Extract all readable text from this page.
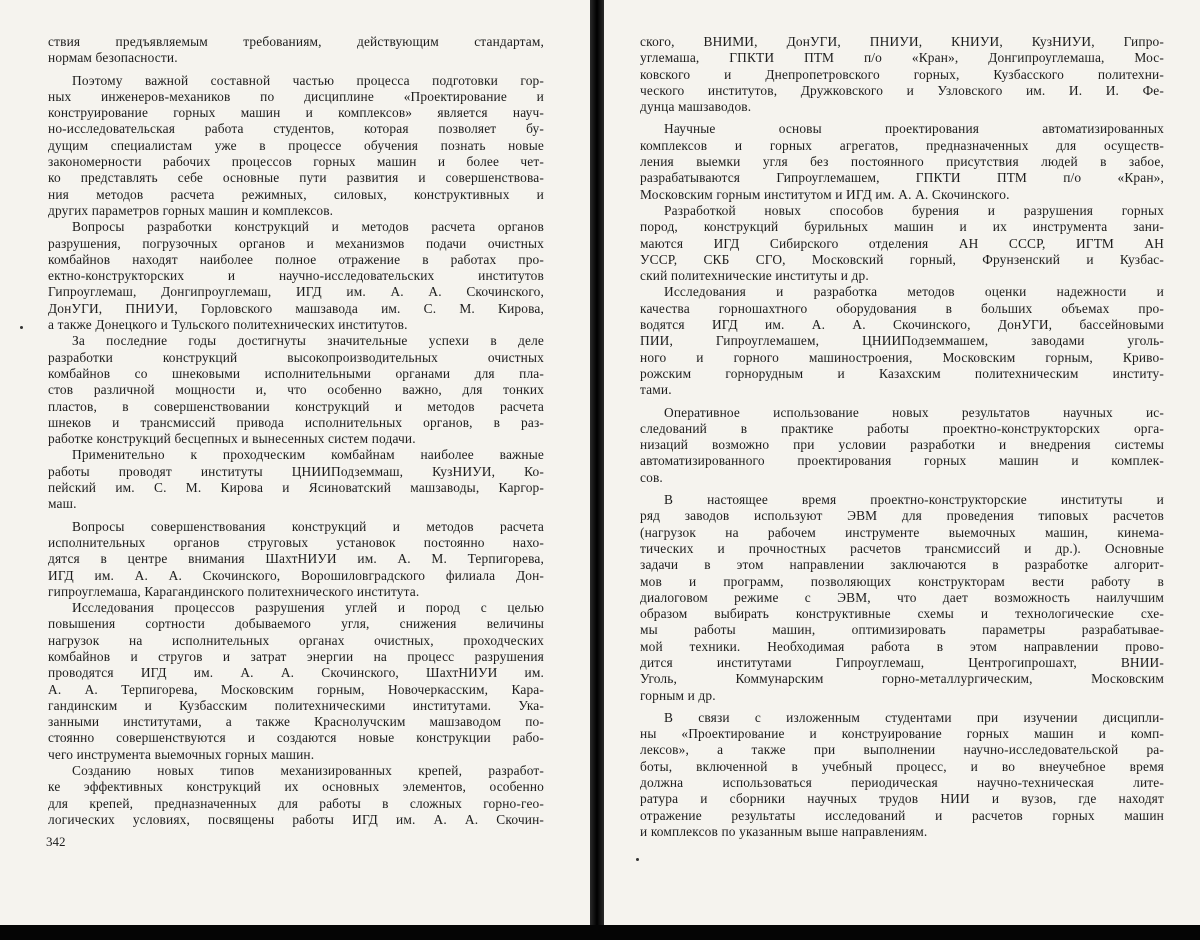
ствия предъявляемым требованиям, действующим стандартам,
нормам безопасности.
Поэтому важной составной частью процесса подготовки гор-
ных инженеров-механиков по дисциплине «Проектирование и
конструирование горных машин и комплексов» является науч-
но-исследовательская работа студентов, которая позволяет бу-
дущим специалистам уже в процессе обучения познать новые
закономерности рабочих процессов горных машин и более чет-
ко представлять себе основные пути развития и совершенствова-
ния методов расчета режимных, силовых, конструктивных и
других параметров горных машин и комплексов.
Вопросы разработки конструкций и методов расчета органов
разрушения, погрузочных органов и механизмов подачи очистных
комбайнов находят наиболее полное отражение в работах про-
ектно-конструкторских и научно-исследовательских институтов
Гипроуглемаш, Донгипроуглемаш, ИГД им. А. А. Скочинского,
ДонУГИ, ПНИУИ, Горловского машзавода им. С. М. Кирова,
а также Донецкого и Тульского политехнических институтов.
За последние годы достигнуты значительные успехи в деле
разработки конструкций высокопроизводительных очистных
комбайнов со шнековыми исполнительными органами для пла-
стов различной мощности и, что особенно важно, для тонких
пластов, в совершенствовании конструкций и методов расчета
шнеков и трансмиссий привода исполнительных органов, в раз-
работке конструкций бесцепных и вынесенных систем подачи.
Применительно к проходческим комбайнам наиболее важные
работы проводят институты ЦНИИПодземмаш, КузНИУИ, Ко-
пейский им. С. М. Кирова и Ясиноватский машзаводы, Каргор-
маш.
Вопросы совершенствования конструкций и методов расчета
исполнительных органов струговых установок постоянно нахо-
дятся в центре внимания ШахтНИУИ им. А. М. Терпигорева,
ИГД им. А. А. Скочинского, Ворошиловградского филиала Дон-
гипроуглемаша, Карагандинского политехнического института.
Исследования процессов разрушения углей и пород с целью
повышения сортности добываемого угля, снижения величины
нагрузок на исполнительных органах очистных, проходческих
комбайнов и стругов и затрат энергии на процесс разрушения
проводятся ИГД им. А. А. Скочинского, ШахтНИУИ им.
А. А. Терпигорева, Московским горным, Новочеркасским, Кара-
гандинским и Кузбасским политехническими институтами. Ука-
занными институтами, а также Краснолучским машзаводом по-
стоянно совершенствуются и создаются новые конструкции рабо-
чего инструмента выемочных горных машин.
Созданию новых типов механизированных крепей, разработ-
ке эффективных конструкций их основных элементов, особенно
для крепей, предназначенных для работы в сложных горно-гео-
логических условиях, посвящены работы ИГД им. А. А. Скочин-
342
ского, ВНИМИ, ДонУГИ, ПНИУИ, КНИУИ, КузНИУИ, Гипро-
углемаша, ГПКТИ ПТМ п/о «Кран», Донгипроуглемаша, Мос-
ковского и Днепропетровского горных, Кузбасского политехни-
ческого институтов, Дружковского и Узловского им. И. И. Фе-
дунца машзаводов.
Научные основы проектирования автоматизированных
комплексов и горных агрегатов, предназначенных для осуществ-
ления выемки угля без постоянного присутствия людей в забое,
разрабатываются Гипроуглемашем, ГПКТИ ПТМ п/о «Кран»,
Московским горным институтом и ИГД им. А. А. Скочинского.
Разработкой новых способов бурения и разрушения горных
пород, конструкций бурильных машин и их инструмента зани-
маются ИГД Сибирского отделения АН СССР, ИГТМ АН
УССР, СКБ СГО, Московский горный, Фрунзенский и Кузбас-
ский политехнические институты и др.
Исследования и разработка методов оценки надежности и
качества горношахтного оборудования в больших объемах про-
водятся ИГД им. А. А. Скочинского, ДонУГИ, бассейновыми
ПИИ, Гипроуглемашем, ЦНИИПодземмашем, заводами уголь-
ного и горного машиностроения, Московским горным, Криво-
рожским горнорудным и Казахским политехническим институ-
тами.
Оперативное использование новых результатов научных ис-
следований в практике работы проектно-конструкторских орга-
низаций возможно при условии разработки и внедрения системы
автоматизированного проектирования горных машин и комплек-
сов.
В настоящее время проектно-конструкторские институты и
ряд заводов используют ЭВМ для проведения типовых расчетов
(нагрузок на рабочем инструменте выемочных машин, кинема-
тических и прочностных расчетов трансмиссий и др.). Основные
задачи в этом направлении заключаются в разработке алгорит-
мов и программ, позволяющих конструкторам вести работу в
диалоговом режиме с ЭВМ, что дает возможность наилучшим
образом выбирать конструктивные схемы и технологические схе-
мы работы машин, оптимизировать параметры разрабатывае-
мой техники. Необходимая работа в этом направлении прово-
дится институтами Гипроуглемаш, Центрогипрошахт, ВНИИ-
Уголь, Коммунарским горно-металлургическим, Московским
горным и др.
В связи с изложенным студентами при изучении дисципли-
ны «Проектирование и конструирование горных машин и комп-
лексов», а также при выполнении научно-исследовательской ра-
боты, включенной в учебный процесс, и во внеучебное время
должна использоваться периодическая научно-техническая лите-
ратура и сборники научных трудов НИИ и вузов, где находят
отражение результаты исследований и расчетов горных машин
и комплексов по указанным выше направлениям.
